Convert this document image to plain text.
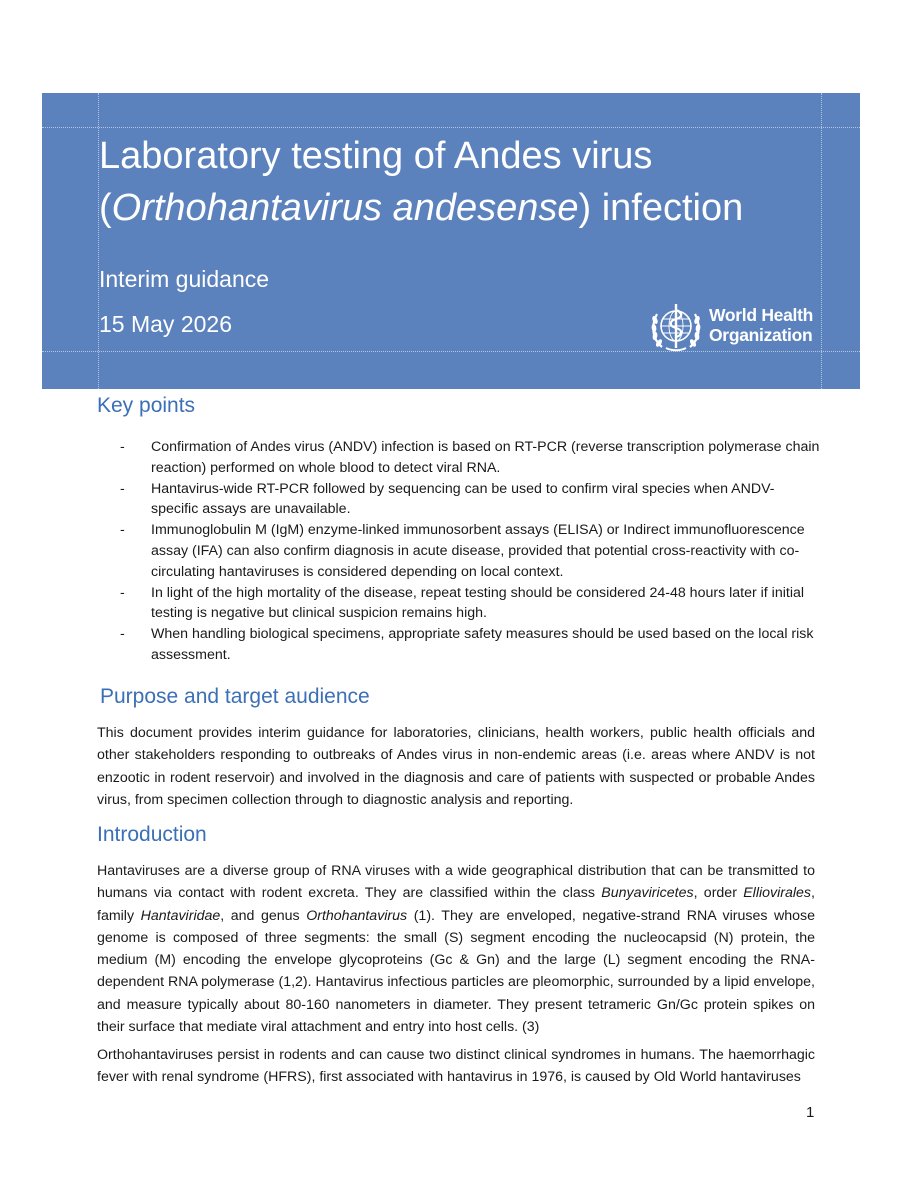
Laboratory testing of Andes virus
(Orthohantavirus andesense) infection

Interim guidance

15 May 2026	World Health
Organization
Key points
- Confirmation of Andes virus (ANDV) infection is based on RT-PCR (reverse transcription polymerase chain reaction) performed on whole blood to detect viral RNA.
- Hantavirus-wide RT-PCR followed by sequencing can be used to confirm viral species when ANDV-specific assays are unavailable.
- Immunoglobulin M (IgM) enzyme-linked immunosorbent assays (ELISA) or Indirect immunofluorescence assay (IFA) can also confirm diagnosis in acute disease, provided that potential cross-reactivity with co-circulating hantaviruses is considered depending on local context.
- In light of the high mortality of the disease, repeat testing should be considered 24-48 hours later if initial testing is negative but clinical suspicion remains high.
- When handling biological specimens, appropriate safety measures should be used based on the local risk assessment.
Purpose and target audience

This document provides interim guidance for laboratories, clinicians, health workers, public health officials and other stakeholders responding to outbreaks of Andes virus in non-endemic areas (i.e. areas where ANDV is not enzootic in rodent reservoir) and involved in the diagnosis and care of patients with suspected or probable Andes virus, from specimen collection through to diagnostic analysis and reporting.

Introduction

Hantaviruses are a diverse group of RNA viruses with a wide geographical distribution that can be transmitted to humans via contact with rodent excreta. They are classified within the class Bunyaviricetes, order Elliovirales, family Hantaviridae, and genus Orthohantavirus (1). They are enveloped, negative-strand RNA viruses whose genome is composed of three segments: the small (S) segment encoding the nucleocapsid (N) protein, the medium (M) encoding the envelope glycoproteins (Gc & Gn) and the large (L) segment encoding the RNA-dependent RNA polymerase (1,2). Hantavirus infectious particles are pleomorphic, surrounded by a lipid envelope, and measure typically about 80-160 nanometers in diameter. They present tetrameric Gn/Gc protein spikes on their surface that mediate viral attachment and entry into host cells. (3)

Orthohantaviruses persist in rodents and can cause two distinct clinical syndromes in humans. The haemorrhagic fever with renal syndrome (HFRS), first associated with hantavirus in 1976, is caused by Old World hantaviruses

1
